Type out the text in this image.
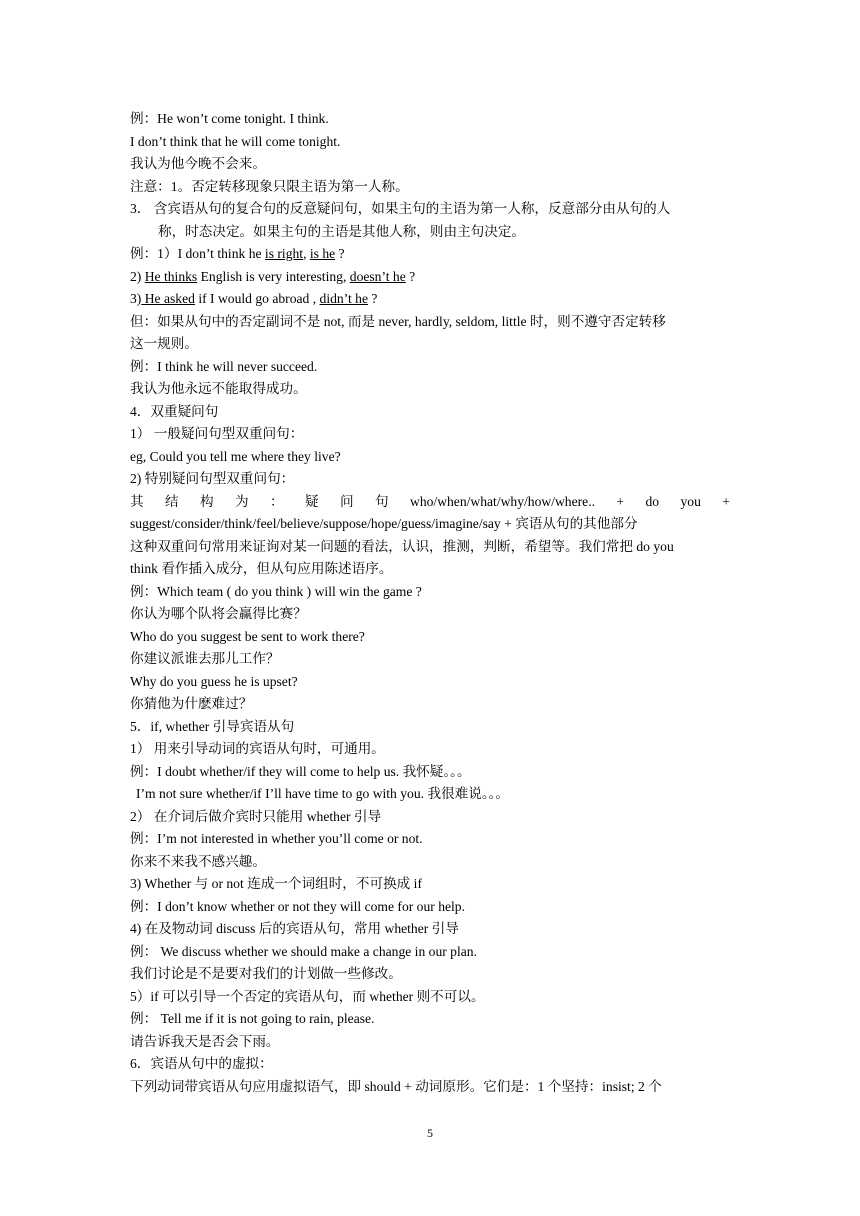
例：He won’t come tonight. I think.
I don’t think that he will come tonight.
我认为他今晚不会来。
注意：1。否定转移现象只限主语为第一人称。
3． 含宾语从句的复合句的反意疑问句，如果主句的主语为第一人称，反意部分由从句的人
称，时态决定。如果主句的主语是其他人称，则由主句决定。
例：1）I don’t think he is right, is he ?
2) He thinks English is very interesting, doesn’t he ?
3) He asked if I would go abroad , didn’t he ?
但：如果从句中的否定副词不是 not, 而是 never, hardly, seldom, little 时，则不遵守否定转移
这一规则。
例：I think he will never succeed.
我认为他永远不能取得成功。
4．双重疑问句
1） 一般疑问句型双重问句：
eg, Could you tell me where they live?
2) 特别疑问句型双重问句：
其 结 构 为 ： 疑 问 句 who/when/what/why/how/where.. + do you +
suggest/consider/think/feel/believe/suppose/hope/guess/imagine/say + 宾语从句的其他部分
这种双重问句常用来证询对某一问题的看法，认识，推测，判断，希望等。我们常把 do you
think 看作插入成分，但从句应用陈述语序。
例：Which team ( do you think ) will win the game ?
你认为哪个队将会赢得比赛？
Who do you suggest be sent to work there?
你建议派谁去那儿工作？
Why do you guess he is upset?
你猜他为什麽难过？
5．if, whether 引导宾语从句
1） 用来引导动词的宾语从句时，可通用。
例：I doubt whether/if they will come to help us. 我怀疑。。。
I’m not sure whether/if I’ll have time to go with you. 我很难说。。。
2） 在介词后做介宾时只能用 whether 引导
例：I’m not interested in whether you’ll come or not.
你来不来我不感兴趣。
3) Whether 与 or not 连成一个词组时，不可换成 if
例：I don’t know whether or not they will come for our help.
4) 在及物动词 discuss 后的宾语从句，常用 whether 引导
例： We discuss whether we should make a change in our plan.
我们讨论是不是要对我们的计划做一些修改。
5）if 可以引导一个否定的宾语从句，而 whether 则不可以。
例： Tell me if it is not going to rain, please.
请告诉我天是否会下雨。
6．宾语从句中的虚拟：
下列动词带宾语从句应用虚拟语气，即 should + 动词原形。它们是：1 个坚持：insist; 2 个
5
